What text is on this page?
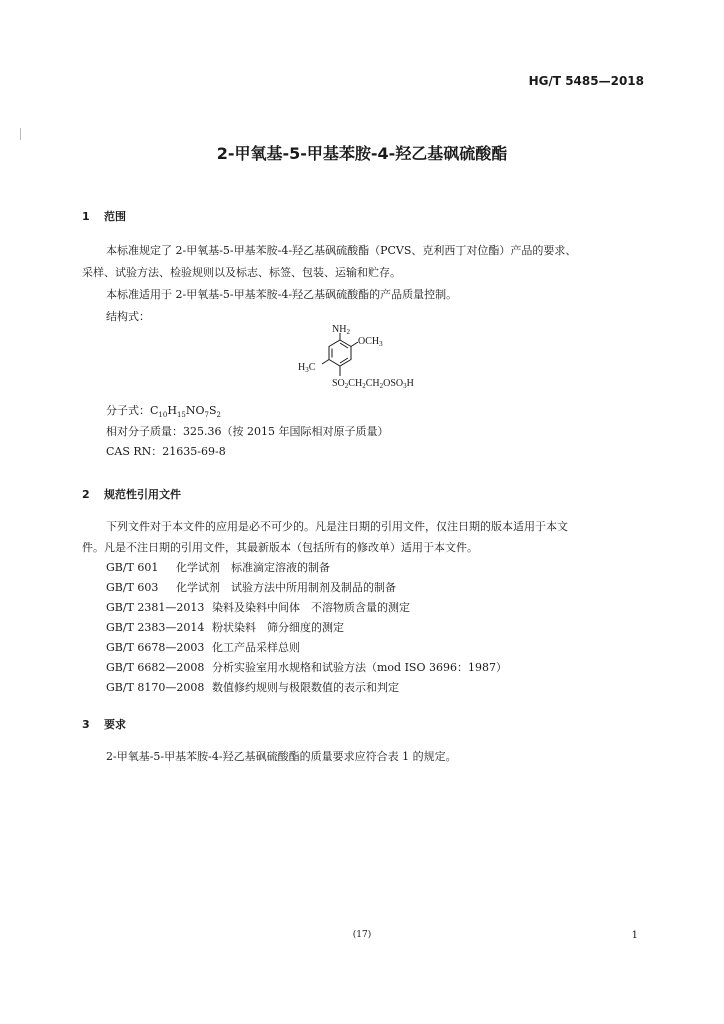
HG/T 5485—2018
2-甲氧基-5-甲基苯胺-4-羟乙基砜硫酸酯
1 范围
本标准规定了 2-甲氧基-5-甲基苯胺-4-羟乙基砜硫酸酯（PCVS、克利西丁对位酯）产品的要求、
采样、试验方法、检验规则以及标志、标签、包装、运输和贮存。
本标准适用于 2-甲氧基-5-甲基苯胺-4-羟乙基砜硫酸酯的产品质量控制。
结构式：
$NH_2$
$OCH_3$
$H_3C$
$SO_2CH_2CH_2OSO_3H$
分子式：$C_{10}H_{15}NO_7S_2$
相对分子质量：325.36（按 2015 年国际相对原子质量）
CAS RN：21635-69-8
2 规范性引用文件
下列文件对于本文件的应用是必不可少的。凡是注日期的引用文件，仅注日期的版本适用于本文
件。凡是不注日期的引用文件，其最新版本（包括所有的修改单）适用于本文件。
GB/T 601 化学试剂　标准滴定溶液的制备
GB/T 603 化学试剂　试验方法中所用制剂及制品的制备
GB/T 2381—2013 染料及染料中间体　不溶物质含量的测定
GB/T 2383—2014 粉状染料　筛分细度的测定
GB/T 6678—2003 化工产品采样总则
GB/T 6682—2008 分析实验室用水规格和试验方法（mod ISO 3696：1987）
GB/T 8170—2008 数值修约规则与极限数值的表示和判定
3 要求
2-甲氧基-5-甲基苯胺-4-羟乙基砜硫酸酯的质量要求应符合表 1 的规定。
(17)	1
